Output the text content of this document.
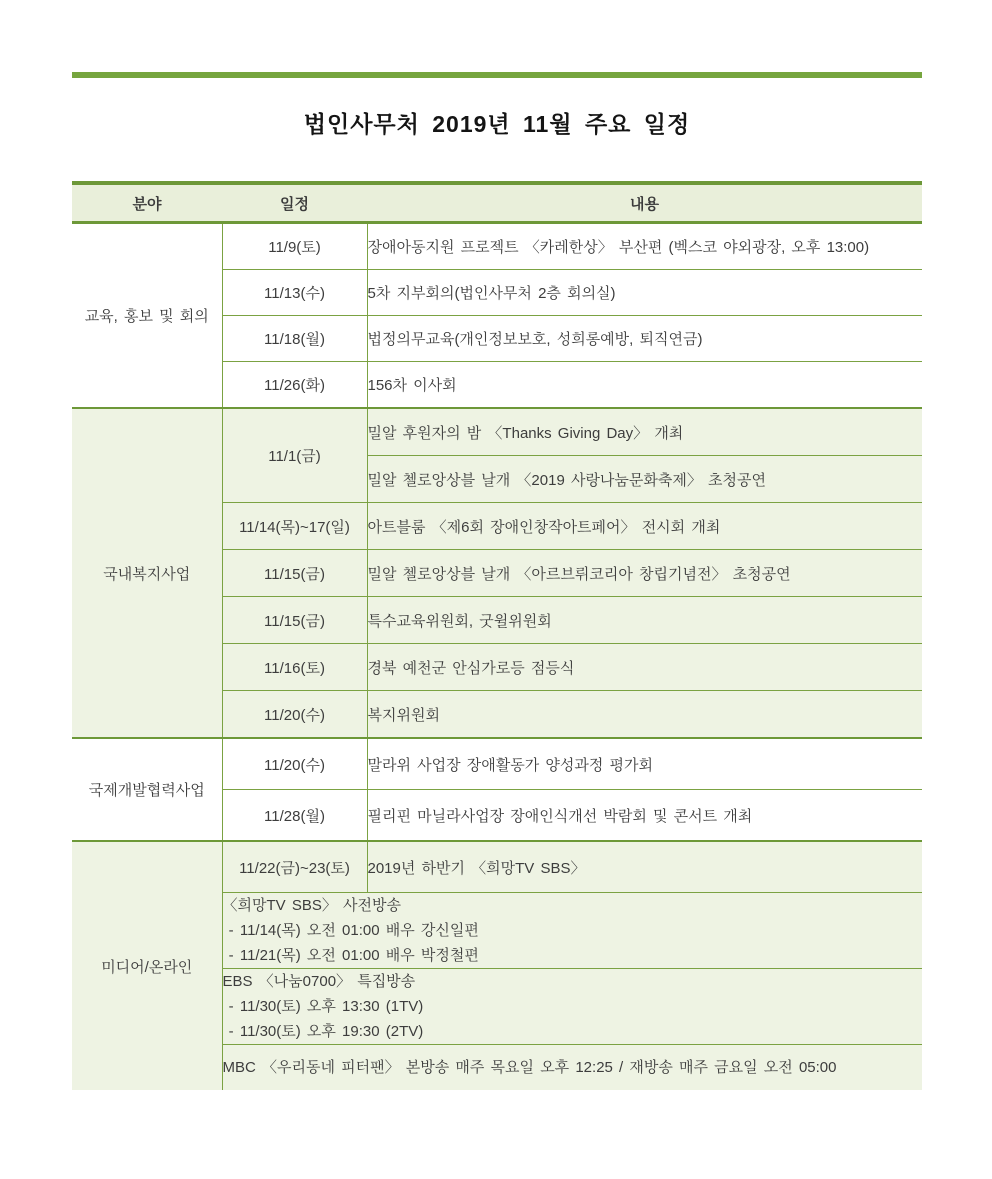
법인사무처 2019년 11월 주요 일정
분야	일정	내용
교육, 홍보 및 회의	11/9(토)	장애아동지원 프로젝트 〈카레한상〉 부산편 (벡스코 야외광장, 오후 13:00)
	11/13(수)	5차 지부회의(법인사무처 2층 회의실)
	11/18(월)	법정의무교육(개인정보보호, 성희롱예방, 퇴직연금)
	11/26(화)	156차 이사회
국내복지사업	11/1(금)	밀알 후원자의 밤 〈Thanks Giving Day〉 개최
		밀알 첼로앙상블 날개 〈2019 사랑나눔문화축제〉 초청공연
	11/14(목)~17(일)	아트블룸 〈제6회 장애인창작아트페어〉 전시회 개최
	11/15(금)	밀알 첼로앙상블 날개 〈아르브뤼코리아 창립기념전〉 초청공연
	11/15(금)	특수교육위원회, 굿윌위원회
	11/16(토)	경북 예천군 안심가로등 점등식
	11/20(수)	복지위원회
국제개발협력사업	11/20(수)	말라위 사업장 장애활동가 양성과정 평가회
	11/28(월)	필리핀 마닐라사업장 장애인식개선 박람회 및 콘서트 개최
미디어/온라인	11/22(금)~23(토)	2019년 하반기 〈희망TV SBS〉

	〈희망TV SBS〉 사전방송
- 11/14(목) 오전 01:00 배우 강신일편
- 11/21(목) 오전 01:00 배우 박정철편	

	EBS 〈나눔0700〉 특집방송
- 11/30(토) 오후 13:30 (1TV)
- 11/30(토) 오후 19:30 (2TV)	

	MBC 〈우리동네 피터팬〉 본방송 매주 목요일 오후 12:25 / 재방송 매주 금요일 오전 05:00	
